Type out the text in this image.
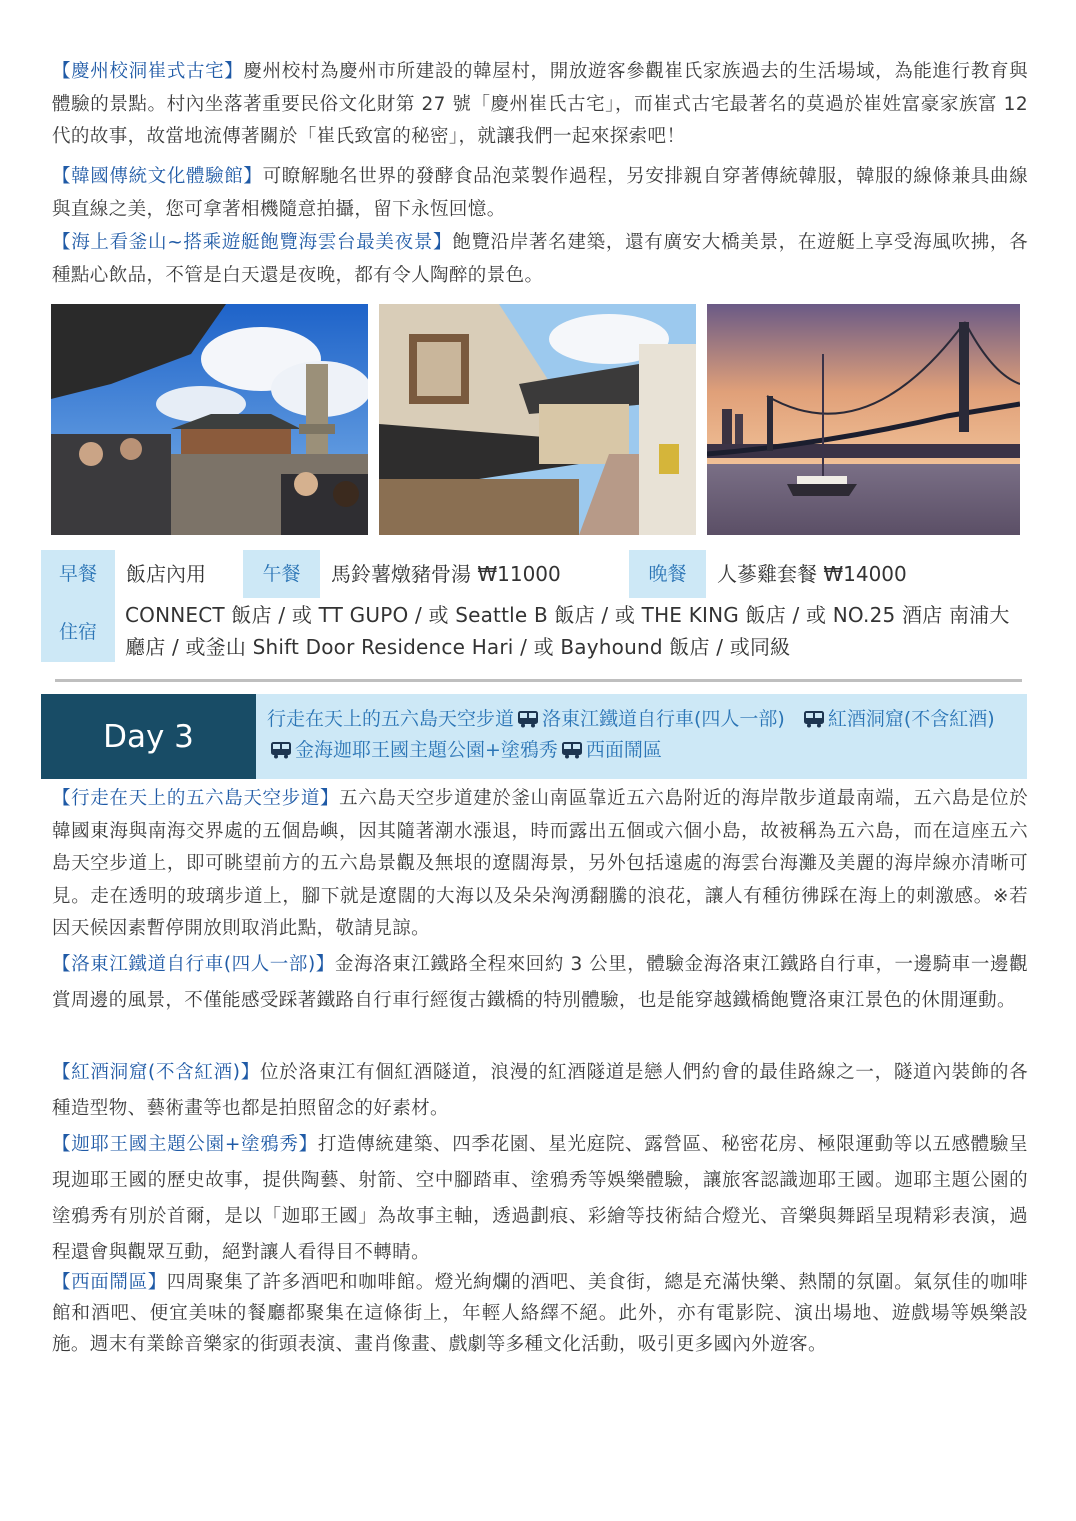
【慶州校洞崔式古宅】慶州校村為慶州市所建設的韓屋村，開放遊客參觀崔氏家族過去的生活場域，為能進行教育與體驗的景點。村內坐落著重要民俗文化財第 27 號「慶州崔氏古宅」，而崔式古宅最著名的莫過於崔姓富豪家族富 12 代的故事，故當地流傳著關於「崔氏致富的秘密」，就讓我們一起來探索吧！

【韓國傳統文化體驗館】可瞭解馳名世界的發酵食品泡菜製作過程，另安排親自穿著傳統韓服，韓服的線條兼具曲線與直線之美，您可拿著相機隨意拍攝，留下永恆回憶。

【海上看釜山~搭乘遊艇飽覽海雲台最美夜景】飽覽沿岸著名建築，還有廣安大橋美景，在遊艇上享受海風吹拂，各種點心飲品，不管是白天還是夜晚，都有令人陶醉的景色。

早餐	飯店內用	午餐	馬鈴薯燉豬骨湯 ₩11000	晚餐	人蔘雞套餐 ₩14000
住宿
CONNECT 飯店 / 或 TT GUPO / 或 Seattle B 飯店 / 或 THE KING 飯店 / 或 NO.25 酒店 南浦大廳店 / 或釜山 Shift Door Residence Hari / 或 Bayhound 飯店 / 或同級
Day 3	行走在天上的五六島天空步道 洛東江鐵道自行車(四人一部) 紅酒洞窟(不含紅酒)金海迦耶王國主題公園+塗鴉秀 西面鬧區

【行走在天上的五六島天空步道】五六島天空步道建於釜山南區靠近五六島附近的海岸散步道最南端，五六島是位於韓國東海與南海交界處的五個島嶼，因其隨著潮水漲退，時而露出五個或六個小島，故被稱為五六島，而在這座五六島天空步道上，即可眺望前方的五六島景觀及無垠的遼闊海景，另外包括遠處的海雲台海灘及美麗的海岸線亦清晰可見。走在透明的玻璃步道上，腳下就是遼闊的大海以及朵朵洶湧翻騰的浪花，讓人有種彷彿踩在海上的刺激感。※若因天候因素暫停開放則取消此點，敬請見諒。

【洛東江鐵道自行車(四人一部)】金海洛東江鐵路全程來回約 3 公里，體驗金海洛東江鐵路自行車，一邊騎車一邊觀賞周邊的風景，不僅能感受踩著鐵路自行車行經復古鐵橋的特別體驗，也是能穿越鐵橋飽覽洛東江景色的休閒運動。

【紅酒洞窟(不含紅酒)】位於洛東江有個紅酒隧道，浪漫的紅酒隧道是戀人們約會的最佳路線之一，隧道內裝飾的各種造型物、藝術畫等也都是拍照留念的好素材。

【迦耶王國主題公園+塗鴉秀】打造傳統建築、四季花園、星光庭院、露營區、秘密花房、極限運動等以五感體驗呈現迦耶王國的歷史故事，提供陶藝、射箭、空中腳踏車、塗鴉秀等娛樂體驗，讓旅客認識迦耶王國。迦耶主題公園的塗鴉秀有別於首爾，是以「迦耶王國」為故事主軸，透過劃痕、彩繪等技術結合燈光、音樂與舞蹈呈現精彩表演，過程還會與觀眾互動，絕對讓人看得目不轉睛。

【西面鬧區】四周聚集了許多酒吧和咖啡館。燈光絢爛的酒吧、美食街，總是充滿快樂、熱鬧的氛圍。氣氛佳的咖啡館和酒吧、便宜美味的餐廳都聚集在這條街上，年輕人絡繹不絕。此外，亦有電影院、演出場地、遊戲場等娛樂設施。週末有業餘音樂家的街頭表演、畫肖像畫、戲劇等多種文化活動，吸引更多國內外遊客。
